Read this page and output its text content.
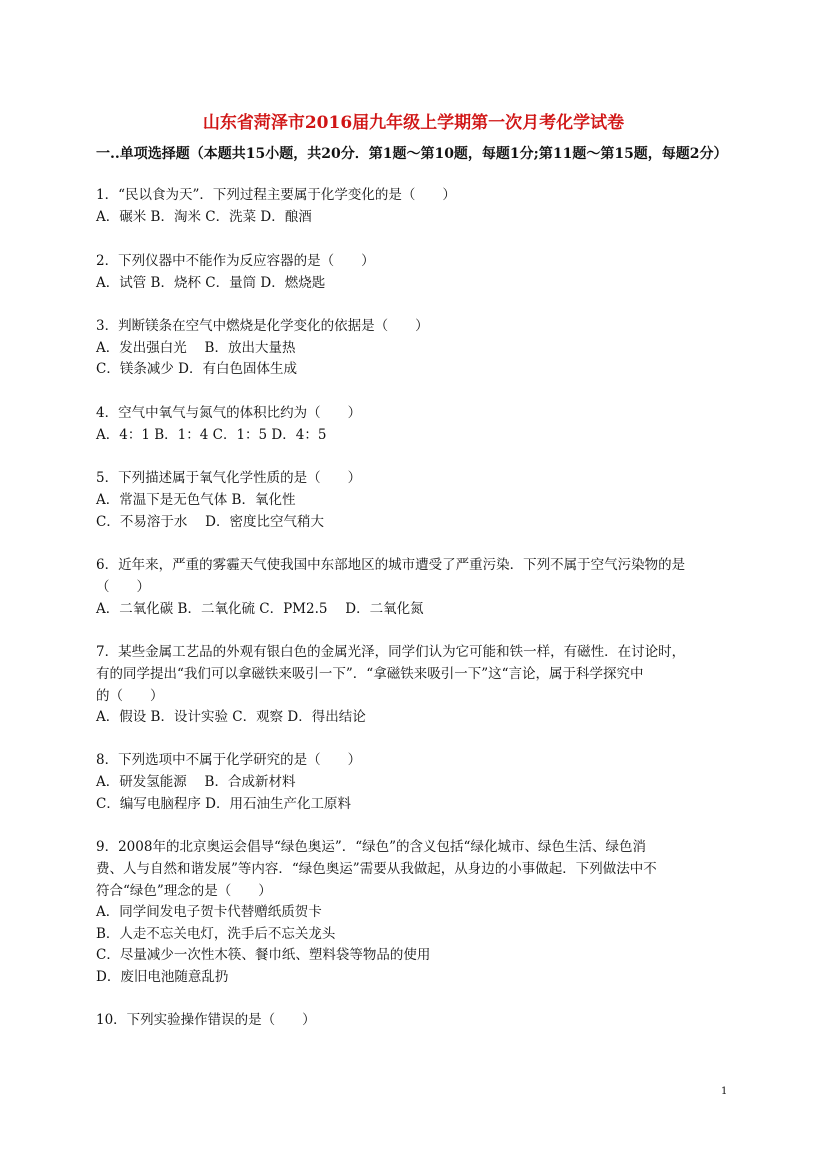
山东省菏泽市2016届九年级上学期第一次月考化学试卷
一..单项选择题（本题共15小题，共20分．第1题～第10题，每题1分;第11题～第15题，每题2分）
1．“民以食为天”．下列过程主要属于化学变化的是（　　）
A．碾米 B．淘米 C．洗菜 D．酿酒
2．下列仪器中不能作为反应容器的是（　　）
A．试管 B．烧杯 C．量筒 D．燃烧匙
3．判断镁条在空气中燃烧是化学变化的依据是（　　）
A．发出强白光　 B．放出大量热
C．镁条减少 D．有白色固体生成
4．空气中氧气与氮气的体积比约为（　　）
A．4：1 B．1：4 C．1：5 D．4：5
5．下列描述属于氧气化学性质的是（　　）
A．常温下是无色气体 B．氧化性
C．不易溶于水　 D．密度比空气稍大
6．近年来，严重的雾霾天气使我国中东部地区的城市遭受了严重污染．下列不属于空气污染物的是
（　　）
A．二氧化碳 B．二氧化硫 C．PM2.5　 D．二氧化氮
7．某些金属工艺品的外观有银白色的金属光泽，同学们认为它可能和铁一样，有磁性．在讨论时，
有的同学提出“我们可以拿磁铁来吸引一下”．“拿磁铁来吸引一下”这“言论，属于科学探究中
的（　　）
A．假设 B．设计实验 C．观察 D．得出结论
8．下列选项中不属于化学研究的是（　　）
A．研发氢能源　 B．合成新材料
C．编写电脑程序 D．用石油生产化工原料
9．2008年的北京奥运会倡导“绿色奥运”．“绿色”的含义包括“绿化城市、绿色生活、绿色消
费、人与自然和谐发展”等内容．“绿色奥运”需要从我做起，从身边的小事做起．下列做法中不
符合“绿色”理念的是（　　）
A．同学间发电子贺卡代替赠纸质贺卡
B．人走不忘关电灯，洗手后不忘关龙头
C．尽量减少一次性木筷、餐巾纸、塑料袋等物品的使用
D．废旧电池随意乱扔
10．下列实验操作错误的是（　　）
1
